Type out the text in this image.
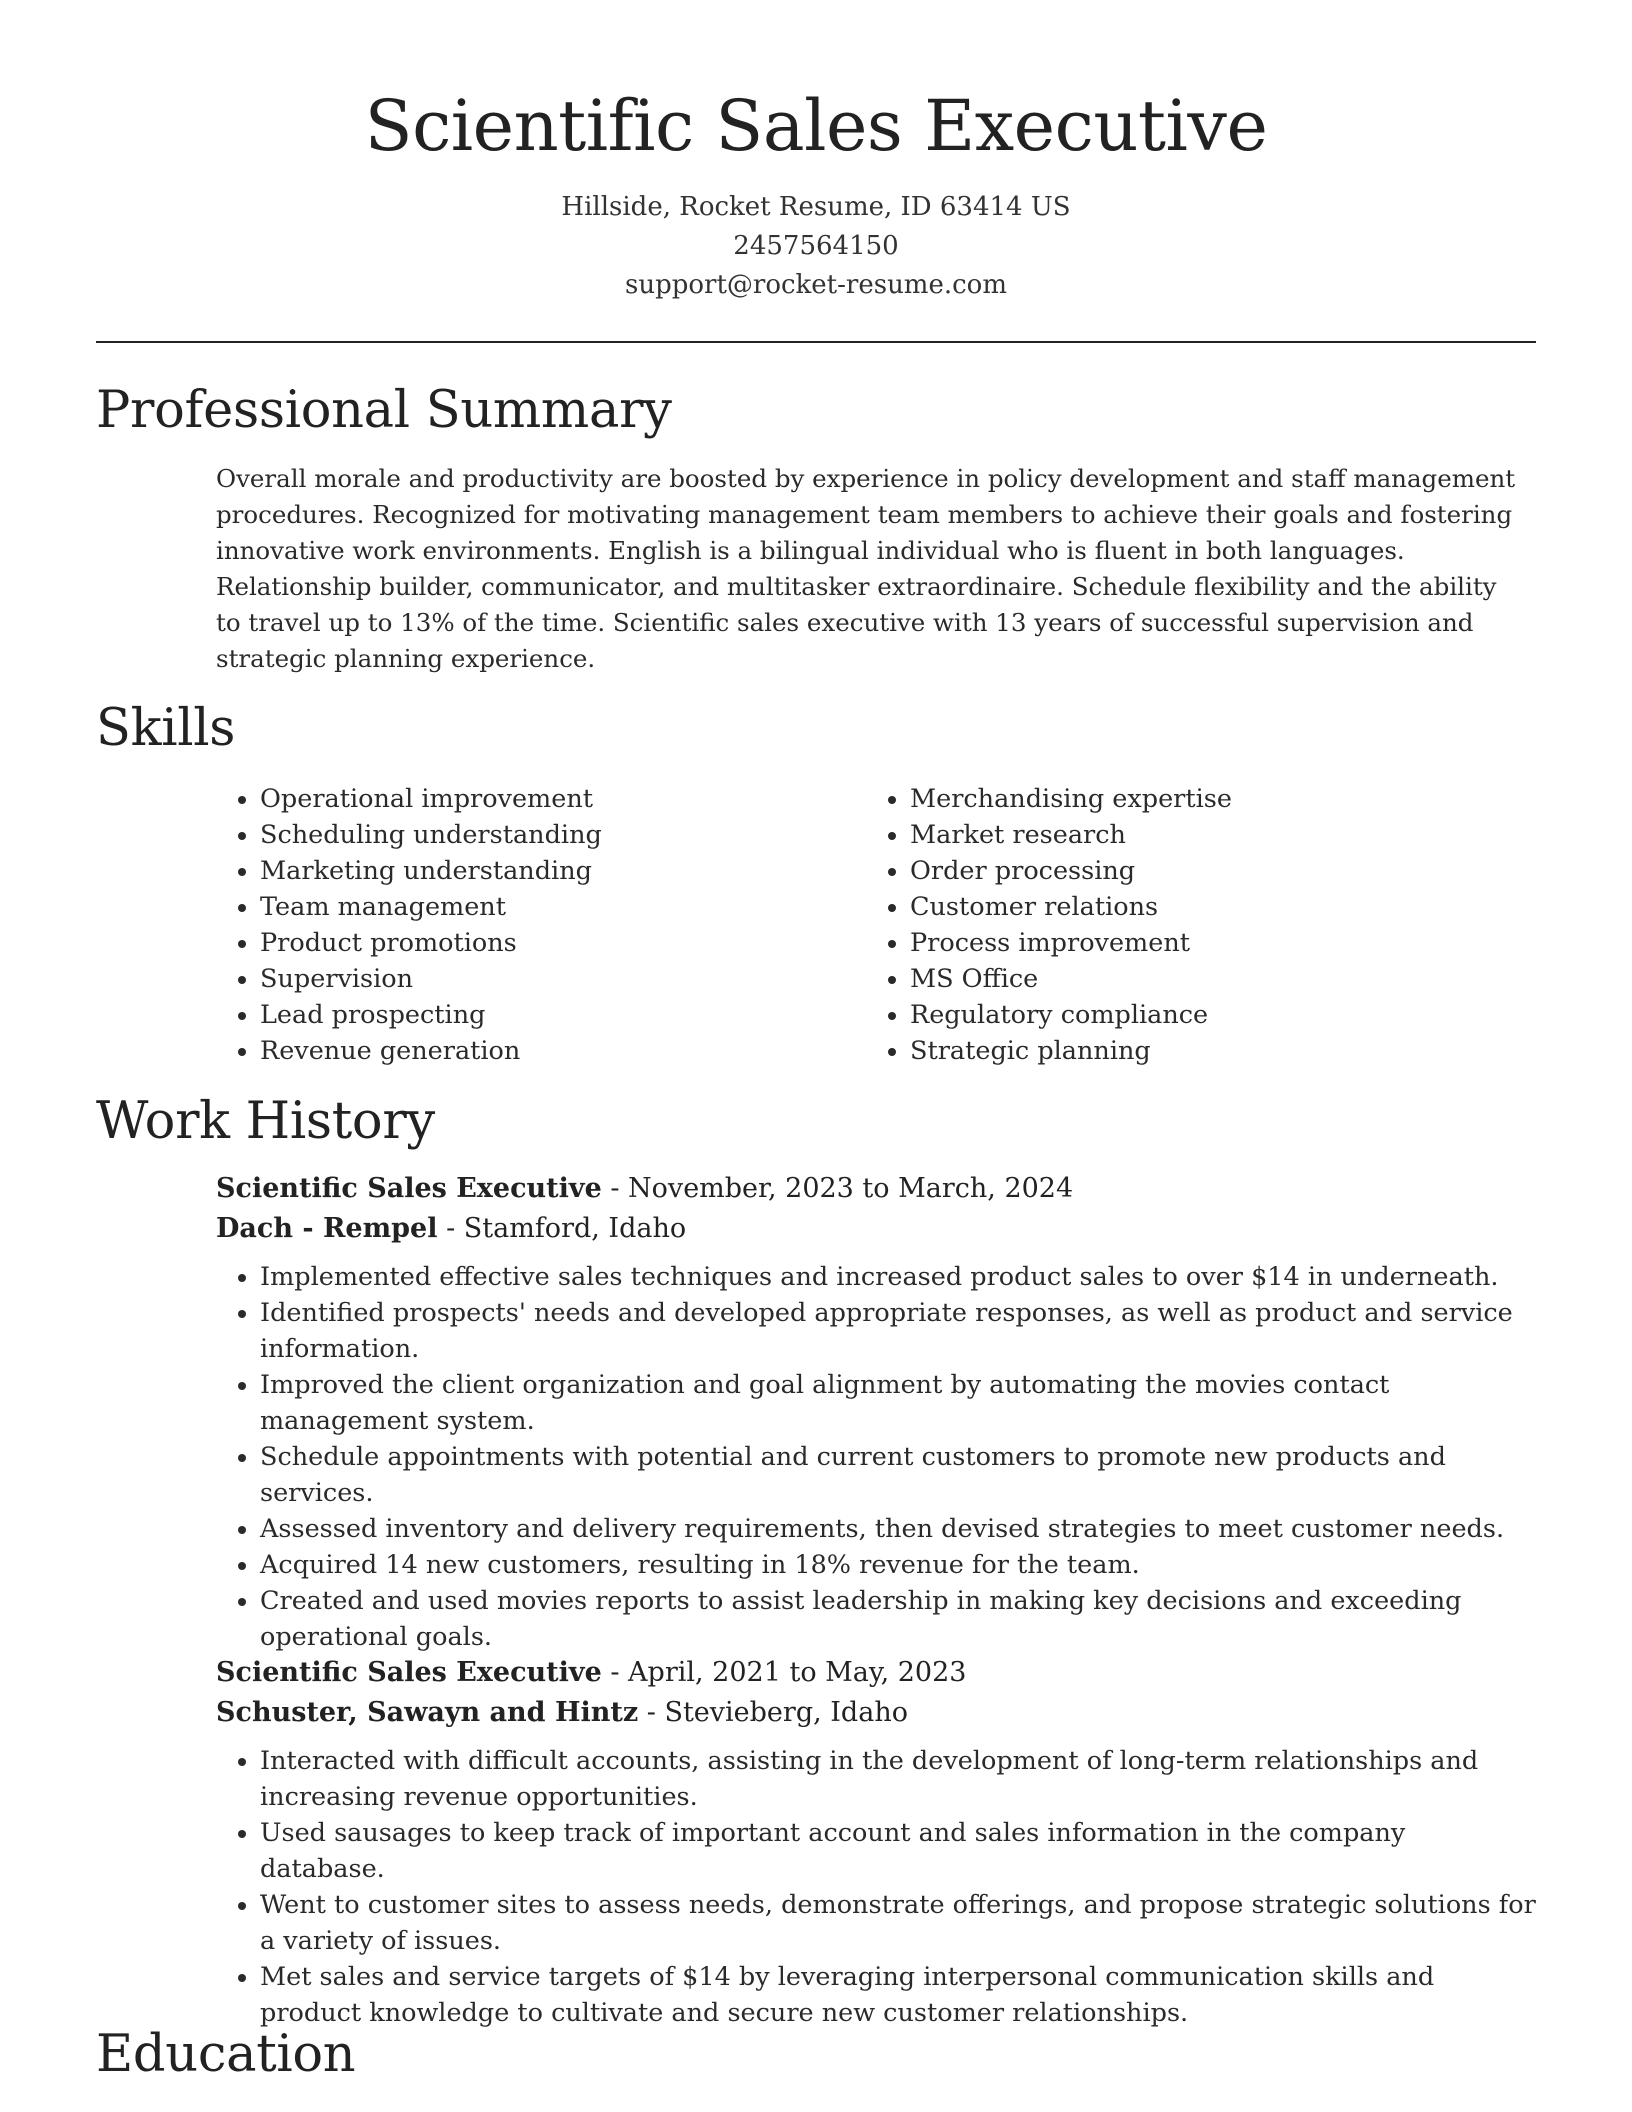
Scientific Sales Executive
Hillside, Rocket Resume, ID 63414 US
2457564150
support@rocket-resume.com
Professional Summary

Overall morale and productivity are boosted by experience in policy development and staff management procedures. Recognized for motivating management team members to achieve their goals and fostering innovative work environments. English is a bilingual individual who is fluent in both languages. Relationship builder, communicator, and multitasker extraordinaire. Schedule flexibility and the ability to travel up to 13% of the time. Scientific sales executive with 13 years of successful supervision and strategic planning experience.

Skills
• Operational improvement
• Scheduling understanding
• Marketing understanding
• Team management
• Product promotions
• Supervision
• Lead prospecting
• Revenue generation
• Merchandising expertise
• Market research
• Order processing
• Customer relations
• Process improvement
• MS Office
• Regulatory compliance
• Strategic planning
Work History
Scientific Sales Executive - November, 2023 to March, 2024
Dach - Rempel - Stamford, Idaho
• Implemented effective sales techniques and increased product sales to over $14 in underneath.
• Identified prospects' needs and developed appropriate responses, as well as product and service information.
• Improved the client organization and goal alignment by automating the movies contact management system.
• Schedule appointments with potential and current customers to promote new products and services.
• Assessed inventory and delivery requirements, then devised strategies to meet customer needs.
• Acquired 14 new customers, resulting in 18% revenue for the team.
• Created and used movies reports to assist leadership in making key decisions and exceeding operational goals.
Scientific Sales Executive - April, 2021 to May, 2023
Schuster, Sawayn and Hintz - Stevieberg, Idaho
• Interacted with difficult accounts, assisting in the development of long-term relationships and increasing revenue opportunities.
• Used sausages to keep track of important account and sales information in the company database.
• Went to customer sites to assess needs, demonstrate offerings, and propose strategic solutions for a variety of issues.
• Met sales and service targets of $14 by leveraging interpersonal communication skills and product knowledge to cultivate and secure new customer relationships.
Education
